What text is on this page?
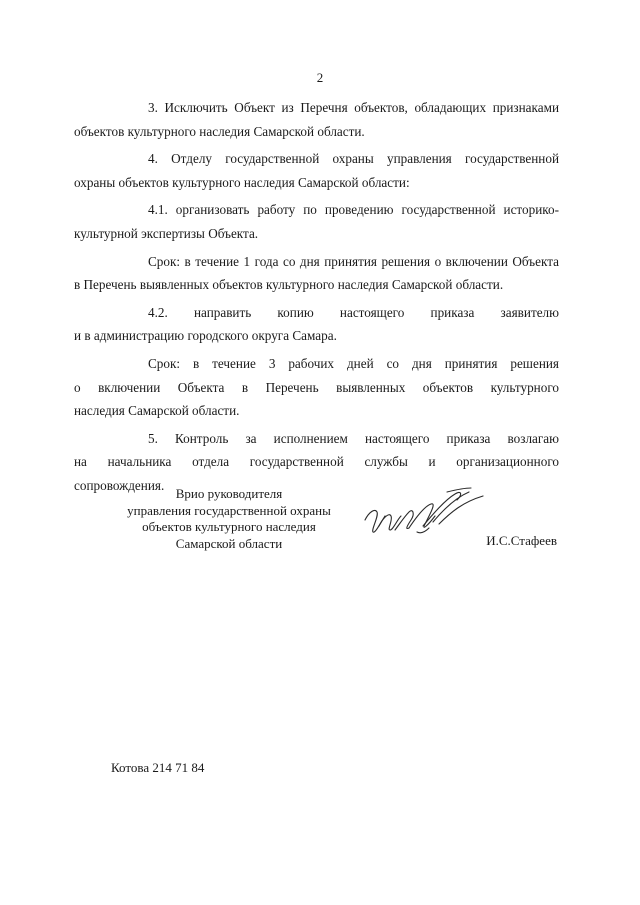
2
3. Исключить Объект из Перечня объектов, обладающих признаками
объектов культурного наследия Самарской области.
4. Отделу государственной охраны управления государственной
охраны объектов культурного наследия Самарской области:
4.1. организовать работу по проведению государственной историко-
культурной экспертизы Объекта.
Срок: в течение 1 года со дня принятия решения о включении Объекта
в Перечень выявленных объектов культурного наследия Самарской области.
4.2. направить копию настоящего приказа заявителю
и в администрацию городского округа Самара.
Срок: в течение 3 рабочих дней со дня принятия решения
о включении Объекта в Перечень выявленных объектов культурного
наследия Самарской области.
5. Контроль за исполнением настоящего приказа возлагаю
на начальника отдела государственной службы и организационного
сопровождения.
Врио руководителя
управления государственной охраны
объектов культурного наследия
Самарской области	И.С.Стафеев
Котова 214 71 84
